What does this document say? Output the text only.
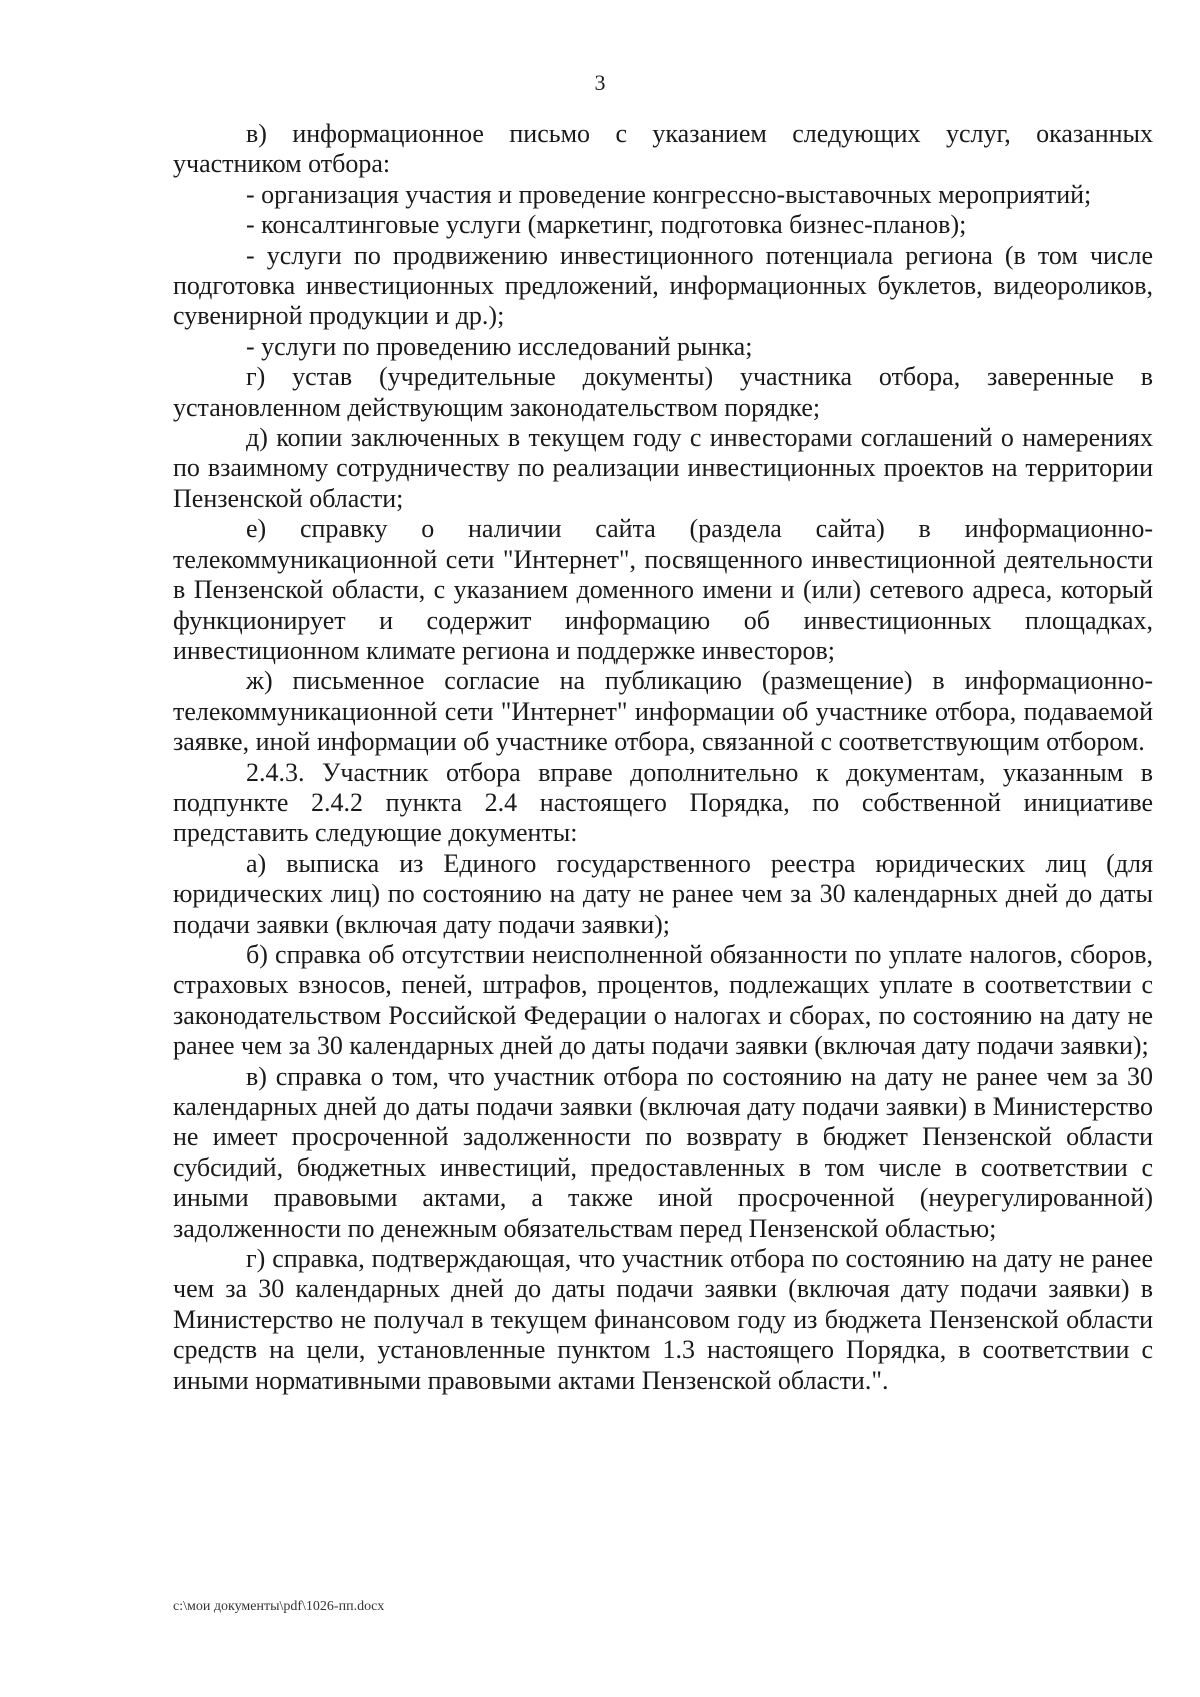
3

в) информационное письмо с указанием следующих услуг, оказанных участником отбора:

- организация участия и проведение конгрессно-выставочных мероприятий;

- консалтинговые услуги (маркетинг, подготовка бизнес-планов);

- услуги по продвижению инвестиционного потенциала региона (в том числе подготовка инвестиционных предложений, информационных буклетов, видеороликов, сувенирной продукции и др.);

- услуги по проведению исследований рынка;

г) устав (учредительные документы) участника отбора, заверенные в установленном действующим законодательством порядке;

д) копии заключенных в текущем году с инвесторами соглашений о намерениях по взаимному сотрудничеству по реализации инвестиционных проектов на территории Пензенской области;

е) справку о наличии сайта (раздела сайта) в информационно-телекоммуникационной сети "Интернет", посвященного инвестиционной деятельности в Пензенской области, с указанием доменного имени и (или) сетевого адреса, который функционирует и содержит информацию об инвестиционных площадках, инвестиционном климате региона и поддержке инвесторов;

ж) письменное согласие на публикацию (размещение) в информационно-телекоммуникационной сети "Интернет" информации об участнике отбора, подаваемой заявке, иной информации об участнике отбора, связанной с соответствующим отбором.

2.4.3. Участник отбора вправе дополнительно к документам, указанным в подпункте 2.4.2 пункта 2.4 настоящего Порядка, по собственной инициативе представить следующие документы:

а) выписка из Единого государственного реестра юридических лиц (для юридических лиц) по состоянию на дату не ранее чем за 30 календарных дней до даты подачи заявки (включая дату подачи заявки);

б) справка об отсутствии неисполненной обязанности по уплате налогов, сборов, страховых взносов, пеней, штрафов, процентов, подлежащих уплате в соответствии с законодательством Российской Федерации о налогах и сборах, по состоянию на дату не ранее чем за 30 календарных дней до даты подачи заявки (включая дату подачи заявки);

в) справка о том, что участник отбора по состоянию на дату не ранее чем за 30 календарных дней до даты подачи заявки (включая дату подачи заявки) в Министерство не имеет просроченной задолженности по возврату в бюджет Пензенской области субсидий, бюджетных инвестиций, предоставленных в том числе в соответствии с иными правовыми актами, а также иной просроченной (неурегулированной) задолженности по денежным обязательствам перед Пензенской областью;

г) справка, подтверждающая, что участник отбора по состоянию на дату не ранее чем за 30 календарных дней до даты подачи заявки (включая дату подачи заявки) в Министерство не получал в текущем финансовом году из бюджета Пензенской области средств на цели, установленные пунктом 1.3 настоящего Порядка, в соответствии с иными нормативными правовыми актами Пензенской области.".

c:\мои документы\pdf\1026-пп.docx
